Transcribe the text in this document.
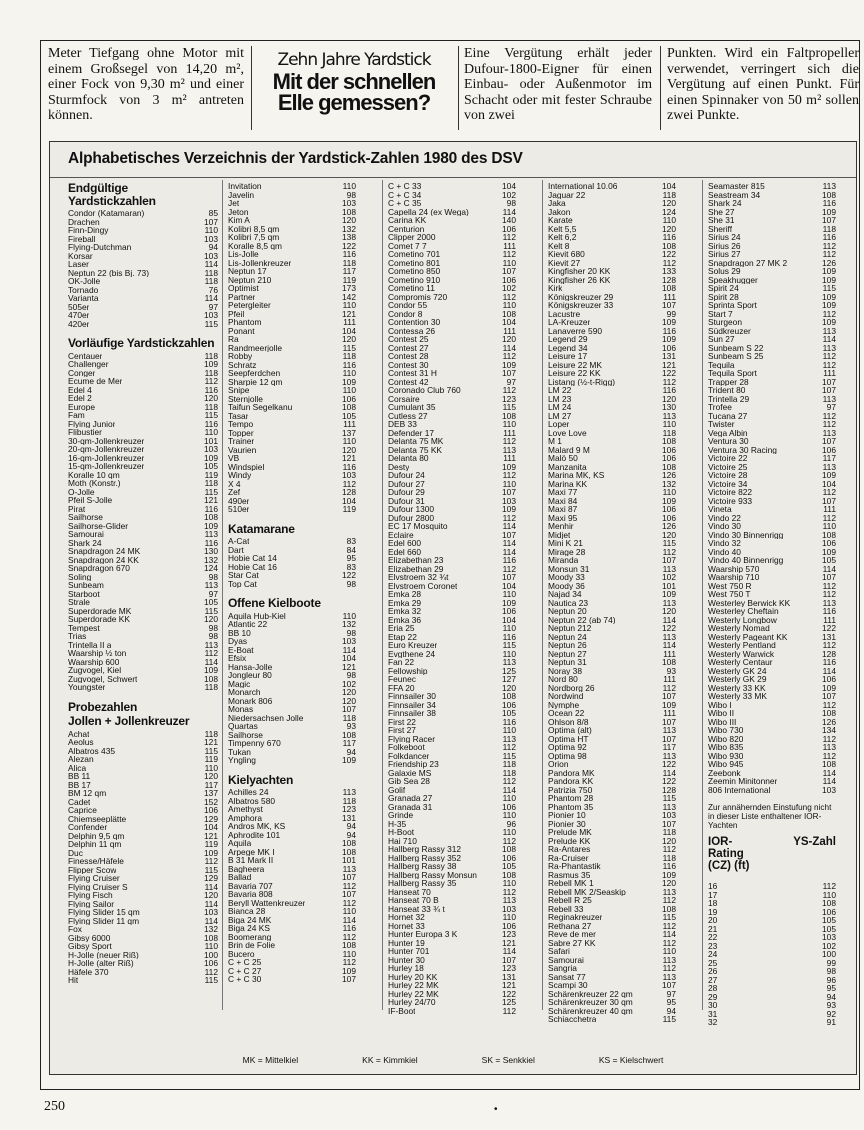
Meter Tiefgang ohne Motor mit einem Großsegel von 14,20 m², einer Fock von 9,30 m² und einer Sturmfock von 3 m² antreten können.
Zehn Jahre Yardstick
Mit der schnellen Elle gemessen?
Eine Vergütung erhält jeder Dufour-1800-Eigner für einen Einbau- oder Außenmotor im Schacht oder mit fester Schraube von zwei
Punkten. Wird ein Faltpropeller verwendet, verringert sich die Vergütung auf einen Punkt. Für einen Spinnaker von 50 m² sollen zwei Punkte.
Alphabetisches Verzeichnis der Yardstick-Zahlen 1980 des DSV
Endgültige Yardstickzahlen
Condor (Katamaran)	85
Drachen	107
Finn-Dingy	110
Fireball	103
Flying-Dutchman	94
Korsar	103
Laser	114
Neptun 22 (bis Bj. 73)	118
OK-Jolle	118
Tornado	76
Varianta	114
505er	97
470er	103
420er	115
Vorläufige Yardstickzahlen
Centauer	118
Challenger	109
Conger	118
Ecume de Mer	112
Edel 4	116
Edel 2	120
Europe	118
Fam	115
Flying Junior	116
Flibustier	110
30-qm-Jollenkreuzer	101
20-qm-Jollenkreuzer	103
16-qm-Jollenkreuzer	109
15-qm-Jollenkreuzer	105
Koralle 10 qm	119
Moth (Konstr.)	118
O-Jolle	115
Pfeil S-Jolle	121
Pirat	116
Sailhorse	108
Sailhorse-Glider	109
Samourai	113
Shark 24	116
Snapdragon 24 MK	130
Snapdragon 24 KK	132
Snapdragon 670	124
Soling	98
Sunbeam	113
Starboot	97
Strale	105
Superdorade MK	115
Superdorade KK	120
Tempest	98
Trias	98
Trintella II a	113
Waarship ½ ton	112
Waarship 600	114
Zugvogel, Kiel	109
Zugvogel, Schwert	108
Youngster	118
Probezahlen
Jollen + Jollenkreuzer
Achat	118
Aeolus	121
Albatros 435	115
Alezan	119
Alica	110
BB 11	120
BB 17	117
BM 12 qm	137
Cadet	152
Caprice	106
Chiemseeplätte	129
Confender	104
Delphin 9,5 qm	121
Delphin 11 qm	119
Duc	109
Finesse/Häfele	112
Flipper Scow	115
Flying Cruiser	129
Flying Cruiser S	114
Flying Fisch	120
Flying Sailor	114
Flying Slider 15 qm	103
Flying Slider 11 qm	114
Fox	132
Gibsy 6000	108
Gibsy Sport	110
H-Jolle (neuer Riß)	100
H-Jolle (alter Riß)	106
Häfele 370	112
Hit	115
Invitation	110
Javelin	98
Jet	103
Jeton	108
Kim A	120
Kolibri 8,5 qm	132
Kolibri 7,5 qm	138
Koralle 8,5 qm	122
Lis-Jolle	116
Lis-Jollenkreuzer	118
Neptun 17	117
Neptun 210	119
Optimist	173
Partner	142
Petergleiter	110
Pfeil	121
Phantom	111
Ponant	104
Ra	120
Randmeerjolle	115
Robby	118
Schratz	116
Seepferdchen	110
Sharpie 12 qm	109
Snipe	110
Sternjolle	106
Taifun Segelkanu	108
Tasar	105
Tempo	111
Topper	137
Trainer	110
Vaurien	120
VB	121
Windspiel	116
Windy	103
X 4	112
Zef	128
490er	104
510er	119
Katamarane
A-Cat	83
Dart	84
Hobie Cat 14	95
Hobie Cat 16	83
Star Cat	122
Top Cat	98
Offene Kielboote
Aquila Hub-Kiel	110
Atlantic 22	132
BB 10	98
Dyas	103
E-Boat	114
Efsix	104
Hansa-Jolle	121
Jongleur 80	98
Magic	102
Monarch	120
Monark 806	120
Monas	107
Niedersachsen Jolle	118
Quartas	93
Sailhorse	108
Timpenny 670	117
Tukan	94
Yngling	109
Kielyachten
Achilles 24	113
Albatros 580	118
Amethyst	123
Amphora	131
Andros MK, KS	94
Aphrodite 101	94
Aquila	108
Arpege MK I	108
B 31 Mark II	101
Bagheera	113
Ballad	107
Bavaria 707	112
Bavaria 808	107
Beryll Wattenkreuzer	112
Bianca 28	110
Biga 24 MK	114
Biga 24 KS	116
Boomerang	112
Brin de Folie	108
Bucero	110
C + C 25	112
C + C 27	109
C + C 30	107
C + C 33	104
C + C 34	102
C + C 35	98
Capella 24 (ex Wega)	114
Carina KK	140
Centurion	106
Clipper 2000	112
Comet 7 7	111
Cometino 701	112
Cometino 801	110
Cometino 850	107
Cometino 910	106
Cometino 11	102
Compromis 720	112
Condor 55	110
Condor 8	108
Contention 30	104
Contessa 26	111
Contest 25	120
Contest 27	114
Contest 28	112
Contest 30	109
Contest 31 H	107
Contest 42	97
Coronado Club 760	112
Corsaire	123
Cumulant 35	115
Cutless 27	108
DEB 33	110
Defender 17	111
Delanta 75 MK	112
Delanta 75 KK	113
Delanta 80	111
Desty	109
Dufour 24	112
Dufour 27	110
Dufour 29	107
Dufour 31	103
Dufour 1300	109
Dufour 2800	112
EC 17 Mosquito	114
Eclaire	107
Edel 600	114
Edel 660	114
Elizabethan 23	116
Elizabethan 29	112
Elvstroem 32 ¾t	107
Elvstroem Coronet	104
Emka 28	110
Emka 29	109
Emka 32	106
Emka 36	104
Eria 25	110
Etap 22	116
Euro Kreuzer	115
Evgthene 24	110
Fan 22	113
Fellowship	125
Feunec	127
FFA 20	120
Finnsailer 30	108
Finnsailer 34	106
Finnsailer 38	105
First 22	116
First 27	110
Flying Racer	113
Folkeboot	112
Folkdancer	115
Friendship 23	118
Galaxie MS	118
Gib Sea 28	112
Golif	114
Granada 27	110
Granada 31	106
Grinde	110
H-35	96
H-Boot	110
Hai 710	112
Hallberg Rassy 312	108
Hallberg Rassy 352	106
Hallberg Rassy 38	105
Hallberg Rassy Monsun	108
Hallberg Rassy 35	110
Hanseat 70	112
Hanseat 70 B	113
Hanseat 33 ¾ t	103
Hornet 32	110
Hornet 33	106
Hunter Europa 3 K	123
Hunter 19	121
Hunter 701	114
Hunter 30	107
Hurley 18	123
Hurley 20 KK	131
Hurley 22 MK	121
Hurley 22 MK	122
Hurley 24/70	125
IF-Boot	112
International 10.06	104
Jaguar 22	118
Jaka	120
Jakon	124
Karate	110
Kelt 5,5	120
Kelt 6,2	116
Kelt 8	108
Kievit 680	122
Kievit 27	112
Kingfisher 20 KK	133
Kingfisher 26 KK	128
Kirk	108
Königskreuzer 29	111
Königskreuzer 33	107
Lacustre	99
LA-Kreuzer	109
Lanaverre 590	116
Legend 29	109
Legend 34	106
Leisure 17	131
Leisure 22 MK	121
Leisure 22 KK	122
Listang (½-t-Rigg)	112
LM 22	116
LM 23	120
LM 24	130
LM 27	113
Loper	110
Love Love	118
M 1	108
Malard 9 M	106
Malö 50	106
Manzanita	108
Marina MK, KS	126
Marina KK	132
Maxi 77	110
Maxi 84	109
Maxi 87	106
Maxi 95	106
Menhir	126
Midjet	120
Mini K 21	115
Mirage 28	112
Miranda	107
Monsun 31	113
Moody 33	102
Moody 36	101
Najad 34	109
Nautica 23	113
Neptun 20	120
Neptun 22 (ab 74)	114
Neptun 212	122
Neptun 24	113
Neptun 26	114
Neptun 27	111
Neptun 31	108
Noray 38	93
Nord 80	111
Nordborg 26	112
Nordwind	107
Nymphe	109
Ocean 22	111
Ohlson 8/8	107
Optima (alt)	113
Optima HT	107
Optima 92	117
Optima 98	113
Orion	122
Pandora MK	114
Pandora KK	122
Patrizia 750	128
Phantom 28	115
Phantom 35	113
Pionier 10	103
Pionier 30	107
Prelude MK	118
Prelude KK	120
Ra-Antares	112
Ra-Cruiser	118
Ra-Phantastik	116
Rasmus 35	109
Rebell MK 1	120
Rebell MK 2/Seaskip	113
Rebell R 25	112
Rebell 33	108
Reginakreuzer	115
Rethana 27	112
Reve de mer	114
Sabre 27 KK	112
Safari	110
Samourai	113
Sangria	112
Sansat 77	113
Scampi 30	107
Schärenkreuzer 22 qm	97
Schärenkreuzer 30 qm	95
Schärenkreuzer 40 qm	94
Schiacchetra	115
Seamaster 815	113
Seastream 34	108
Shark 24	116
She 27	109
She 31	107
Sheriff	118
Sirius 24	116
Sirius 26	112
Sirius 27	112
Snapdragon 27 MK 2	126
Solus 29	109
Speakhugger	109
Spirit 24	115
Spirit 28	109
Sprinta Sport	109
Start 7	112
Sturgeon	109
Südkreuzer	113
Sun 27	114
Sunbeam S 22	113
Sunbeam S 25	112
Tequila	112
Tequila Sport	111
Trapper 28	107
Trident 80	107
Trintella 29	113
Trofee	97
Tucana 27	112
Twister	112
Vega Albin	113
Ventura 30	107
Ventura 30 Racing	106
Victoire 22	117
Victoire 25	113
Victoire 28	109
Victoire 34	104
Victoire 822	112
Victoire 933	107
Vineta	111
Vindo 22	112
Vindo 30	110
Vindo 30 Binnenrigg	108
Vindo 32	106
Vindo 40	109
Vindo 40 Binnenrigg	105
Waarship 570	114
Waarship 710	107
West 750 R	112
West 750 T	112
Westerley Berwick KK	113
Westerley Cheftain	116
Westerly Longbow	111
Westerly Nomad	122
Westerly Pageant KK	131
Westerly Pentland	112
Westerly Warwick	128
Westerly Centaur	116
Westerly GK 24	114
Westerly GK 29	106
Westerly 33 KK	109
Westerly 33 MK	107
Wibo I	112
Wibo II	108
Wibo III	126
Wibo 730	134
Wibo 820	112
Wibo 835	113
Wibo 930	112
Wibo 945	108
Zeebonk	114
Zeemin Minitonner	114
806 International	103
Zur annähernden Einstufung nicht in dieser Liste enthaltener IOR-Yachten
IOR-Rating (CZ) (ft)
YS-Zahl
16	112
17	110
18	108
19	106
20	105
21	105
22	103
23	102
24	100
25	99
26	98
27	96
28	95
29	94
30	93
31	92
32	91
MK = Mittelkiel	KK = Kimmkiel	SK = Senkkiel	KS = Kielschwert
250	•
